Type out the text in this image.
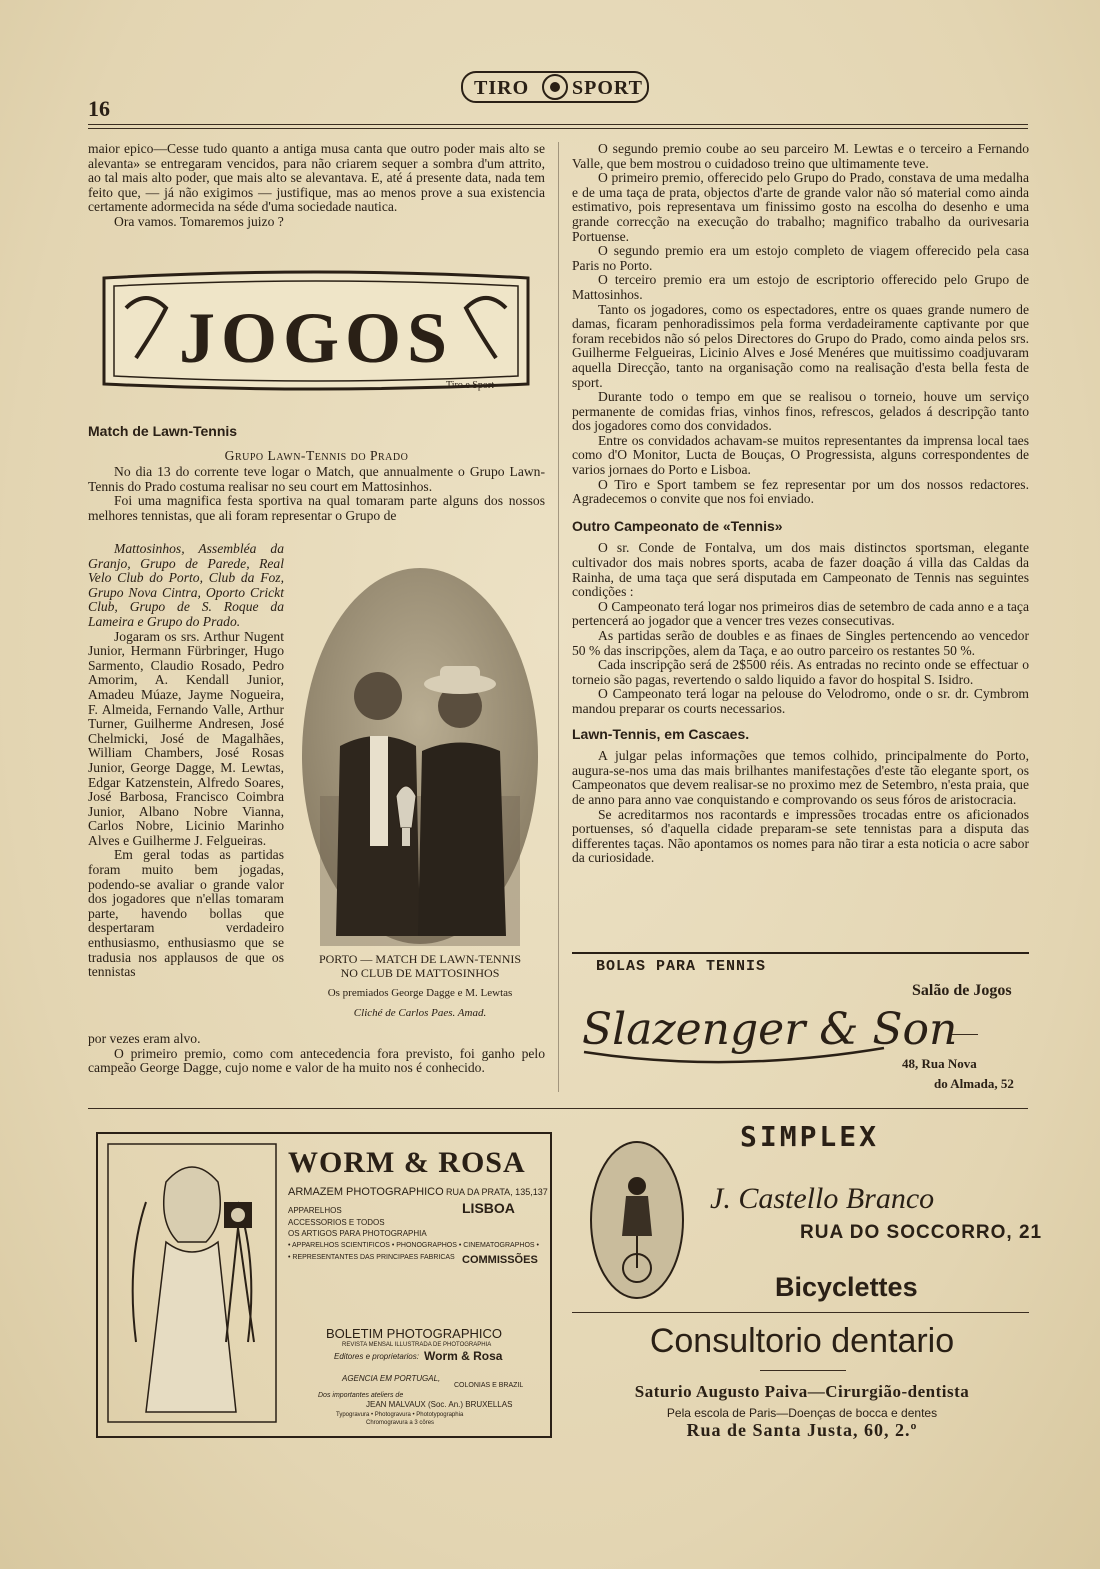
16
TIRO SPORT

maior epico—Cesse tudo quanto a antiga musa canta que outro poder mais alto se alevanta» se entregaram vencidos, para não criarem sequer a sombra d'um attrito, ao tal mais alto poder, que mais alto se alevantava. E, até á presente data, nada tem feito que, — já não exigimos — justifique, mas ao menos prove a sua existencia certamente adormecida na séde d'uma sociedade nautica.

Ora vamos. Tomaremos juizo ?

JOGOS
Tiro e Sport

Match de Lawn-Tennis

Grupo Lawn-Tennis do Prado

No dia 13 do corrente teve logar o Match, que annualmente o Grupo Lawn-Tennis do Prado costuma realisar no seu court em Mattosinhos.

Foi uma magnifica festa sportiva na qual tomaram parte alguns dos nossos melhores tennistas, que ali foram representar o Grupo de

Mattosinhos, Assembléa da Granjo, Grupo de Parede, Real Velo Club do Porto, Club da Foz, Grupo Nova Cintra, Oporto Crickt Club, Grupo de S. Roque da Lameira e Grupo do Prado.

Jogaram os srs. Arthur Nugent Junior, Hermann Fürbringer, Hugo Sarmento, Claudio Rosado, Pedro Amorim, A. Kendall Junior, Amadeu Múaze, Jayme Nogueira, F. Almeida, Fernando Valle, Arthur Turner, Guilherme Andresen, José Chelmicki, José de Magalhães, William Chambers, José Rosas Junior, George Dagge, M. Lewtas, Edgar Katzenstein, Alfredo Soares, José Barbosa, Francisco Coimbra Junior, Albano Nobre Vianna, Carlos Nobre, Licinio Marinho Alves e Guilherme J. Felgueiras.

Em geral todas as partidas foram muito bem jogadas, podendo-se avaliar o grande valor dos jogadores que n'ellas tomaram parte, havendo bollas que despertaram verdadeiro enthusiasmo, enthusiasmo que se tradusia nos applausos de que os tennistas

por vezes eram alvo.

O primeiro premio, como com antecedencia fora previsto, foi ganho pelo campeão George Dagge, cujo nome e valor de ha muito nos é conhecido.

PORTO — MATCH DE LAWN-TENNIS
NO CLUB DE MATTOSINHOS
Os premiados George Dagge e M. Lewtas
Cliché de Carlos Paes. Amad.

O segundo premio coube ao seu parceiro M. Lewtas e o terceiro a Fernando Valle, que bem mostrou o cuidadoso treino que ultimamente teve.

O primeiro premio, offerecido pelo Grupo do Prado, constava de uma medalha e de uma taça de prata, objectos d'arte de grande valor não só material como ainda estimativo, pois representava um finissimo gosto na escolha do desenho e uma grande correcção na execução do trabalho; magnifico trabalho da ourivesaria Portuense.

O segundo premio era um estojo completo de viagem offerecido pela casa Paris no Porto.

O terceiro premio era um estojo de escriptorio offerecido pelo Grupo de Mattosinhos.

Tanto os jogadores, como os espectadores, entre os quaes grande numero de damas, ficaram penhoradissimos pela forma verdadeiramente captivante por que foram recebidos não só pelos Directores do Grupo do Prado, como ainda pelos srs. Guilherme Felgueiras, Licinio Alves e José Menéres que muitissimo coadjuvaram aquella Direcção, tanto na organisação como na realisação d'esta bella festa de sport.

Durante todo o tempo em que se realisou o torneio, houve um serviço permanente de comidas frias, vinhos finos, refrescos, gelados á descripção tanto dos jogadores como dos convidados.

Entre os convidados achavam-se muitos representantes da imprensa local taes como d'O Monitor, Lucta de Bouças, O Progressista, alguns correspondentes de varios jornaes do Porto e Lisboa.

O Tiro e Sport tambem se fez representar por um dos nossos redactores. Agradecemos o convite que nos foi enviado.

Outro Campeonato de «Tennis»

O sr. Conde de Fontalva, um dos mais distinctos sportsman, elegante cultivador dos mais nobres sports, acaba de fazer doação á villa das Caldas da Rainha, de uma taça que será disputada em Campeonato de Tennis nas seguintes condições :

O Campeonato terá logar nos primeiros dias de setembro de cada anno e a taça pertencerá ao jogador que a vencer tres vezes consecutivas.

As partidas serão de doubles e as finaes de Singles pertencendo ao vencedor 50 % das inscripções, alem da Taça, e ao outro parceiro os restantes 50 %.

Cada inscripção será de 2$500 réis. As entradas no recinto onde se effectuar o torneio são pagas, revertendo o saldo liquido a favor do hospital S. Isidro.

O Campeonato terá logar na pelouse do Velodromo, onde o sr. dr. Cymbrom mandou preparar os courts necessarios.

Lawn-Tennis, em Cascaes.

A julgar pelas informações que temos colhido, principalmente do Porto, augura-se-nos uma das mais brilhantes manifestações d'este tão elegante sport, os Campeonatos que devem realisar-se no proximo mez de Setembro, n'esta praia, que de anno para anno vae conquistando e comprovando os seus fóros de aristocracia.

Se acreditarmos nos racontards e impressões trocadas entre os aficionados portuenses, só d'aquella cidade preparam-se sete tennistas para a disputa das differentes taças. Não apontamos os nomes para não tirar a esta noticia o acre sabor da curiosidade.

BOLAS PARA TENNIS
Slazenger & Son
Salão de Jogos
48, Rua Nova
do Almada, 52
WORM & ROSA
ARMAZEM PHOTOGRAPHICO RUA DA PRATA, 135,137
LISBOA
APPARELHOS
ACCESSORIOS E TODOS
OS ARTIGOS PARA PHOTOGRAPHIA
• APPARELHOS SCIENTIFICOS • PHONOGRAPHOS • CINEMATOGRAPHOS •
• REPRESENTANTES DAS PRINCIPAES FABRICAS COMMISSÕES
BOLETIM PHOTOGRAPHICO
REVISTA MENSAL ILLUSTRADA DE PHOTOGRAPHIA
Editores e proprietarios: Worm & Rosa
AGENCIA EM PORTUGAL,
COLONIAS E BRAZIL
Dos importantes ateliers de
JEAN MALVAUX (Soc. An.) BRUXELLAS
Typogravura • Photogravura • Phototypographia
Chromogravura a 3 côres
SIMPLEX
J. Castello Branco
RUA DO SOCCORRO, 21
Bicyclettes
Consultorio dentario
Saturio Augusto Paiva—Cirurgião-dentista
Pela escola de Paris—Doenças de bocca e dentes
Rua de Santa Justa, 60, 2.º
